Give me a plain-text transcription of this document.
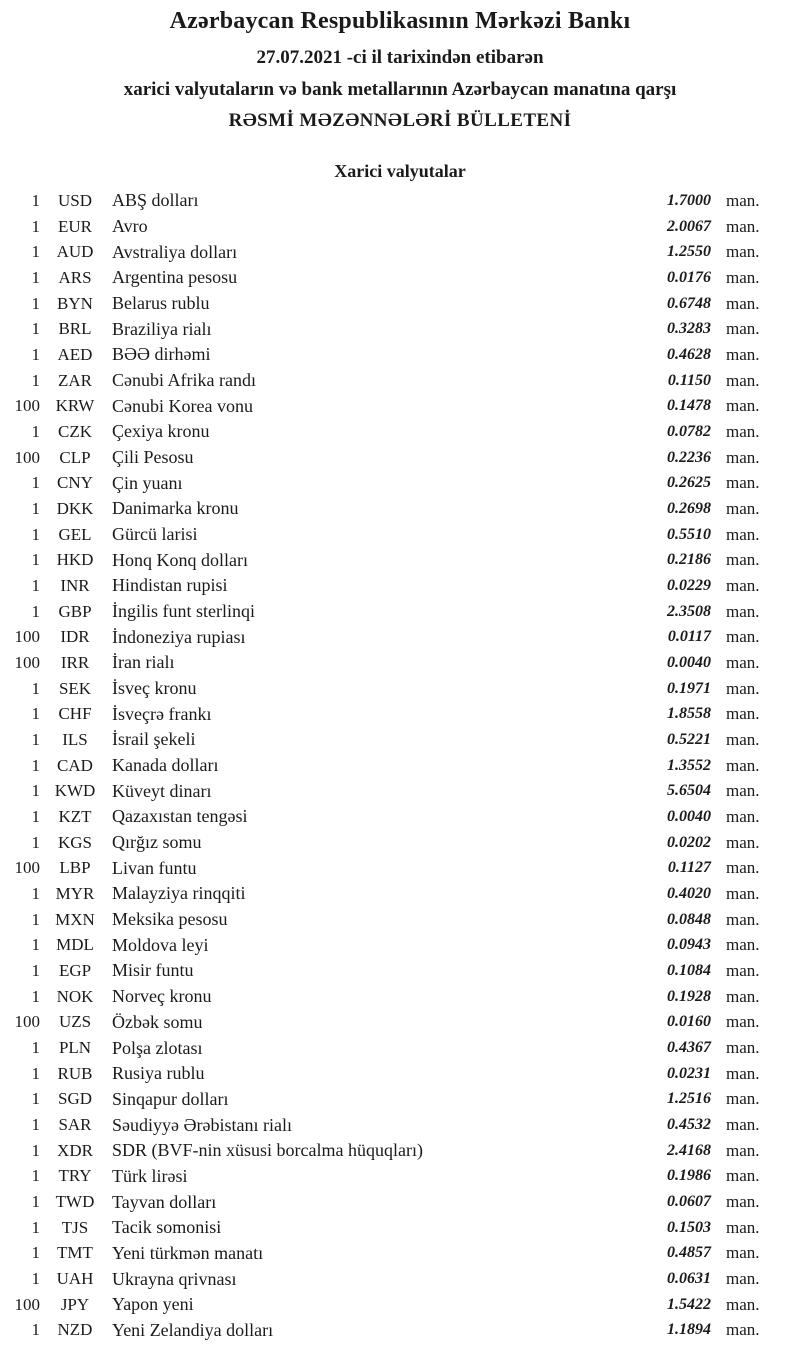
Azərbaycan Respublikasının Mərkəzi Bankı
27.07.2021 -ci il tarixindən etibarən
xarici valyutaların və bank metallarının Azərbaycan manatına qarşı
RƏSMİ MƏZƏNNƏLƏRİ BÜLLETENİ
Xarici valyutalar
1	USD	ABŞ dolları	1.7000 man.
1	EUR	Avro	2.0067 man.
1 AUD	Avstraliya dolları	1.2550 man.
1	ARS	Argentina pesosu	0.0176 man.
1	BYN	Belarus rublu	0.6748 man.
1	BRL	Braziliya rialı	0.3283 man.
1	AED	BƏƏ dirhəmi	0.4628 man.
1	ZAR	Cənubi Afrika randı	0.1150 man.
100 KRW Cənubi Korea vonu	0.1478 man.
1	CZK	Çexiya kronu	0.0782 man.
100	CLP	Çili Pesosu	0.2236 man.
1	CNY	Çin yuanı	0.2625 man.
1 DKK	Danimarka kronu	0.2698 man.
1	GEL	Gürcü larisi	0.5510 man.
1 HKD	Honq Konq dolları	0.2186 man.
1	INR	Hindistan rupisi	0.0229 man.
1	GBP	İngilis funt sterlinqi	2.3508 man.
100	IDR	İndoneziya rupiası	0.0117 man.
100	IRR	İran rialı	0.0040 man.
1	SEK	İsveç kronu	0.1971 man.
1	CHF	İsveçrə frankı	1.8558 man.
1	ILS	İsrail şekeli	0.5221 man.
1	CAD	Kanada dolları	1.3552 man.
1 KWD Küveyt dinarı	5.6504 man.
1	KZT	Qazaxıstan tengəsi	0.0040 man.
1	KGS	Qırğız somu	0.0202 man.
100	LBP	Livan funtu	0.1127 man.
1 MYR Malayziya rinqqiti	0.4020 man.
1 MXN Meksika pesosu	0.0848 man.
1 MDL	Moldova leyi	0.0943 man.
1	EGP	Misir funtu	0.1084 man.
1 NOK	Norveç kronu	0.1928 man.
100	UZS	Özbək somu	0.0160 man.
1	PLN	Polşa zlotası	0.4367 man.
1	RUB	Rusiya rublu	0.0231 man.
1	SGD	Sinqapur dolları	1.2516 man.
1	SAR	Səudiyyə Ərəbistanı rialı	0.4532 man.
1	XDR	SDR (BVF-nin xüsusi borcalma hüquqları)	2.4168 man.
1	TRY	Türk lirəsi	0.1986 man.
1 TWD Tayvan dolları	0.0607 man.
1	TJS	Tacik somonisi	0.1503 man.
1	TMT	Yeni türkmən manatı	0.4857 man.
1 UAH	Ukrayna qrivnası	0.0631 man.
100	JPY	Yapon yeni	1.5422 man.
1	NZD	Yeni Zelandiya dolları	1.1894 man.
